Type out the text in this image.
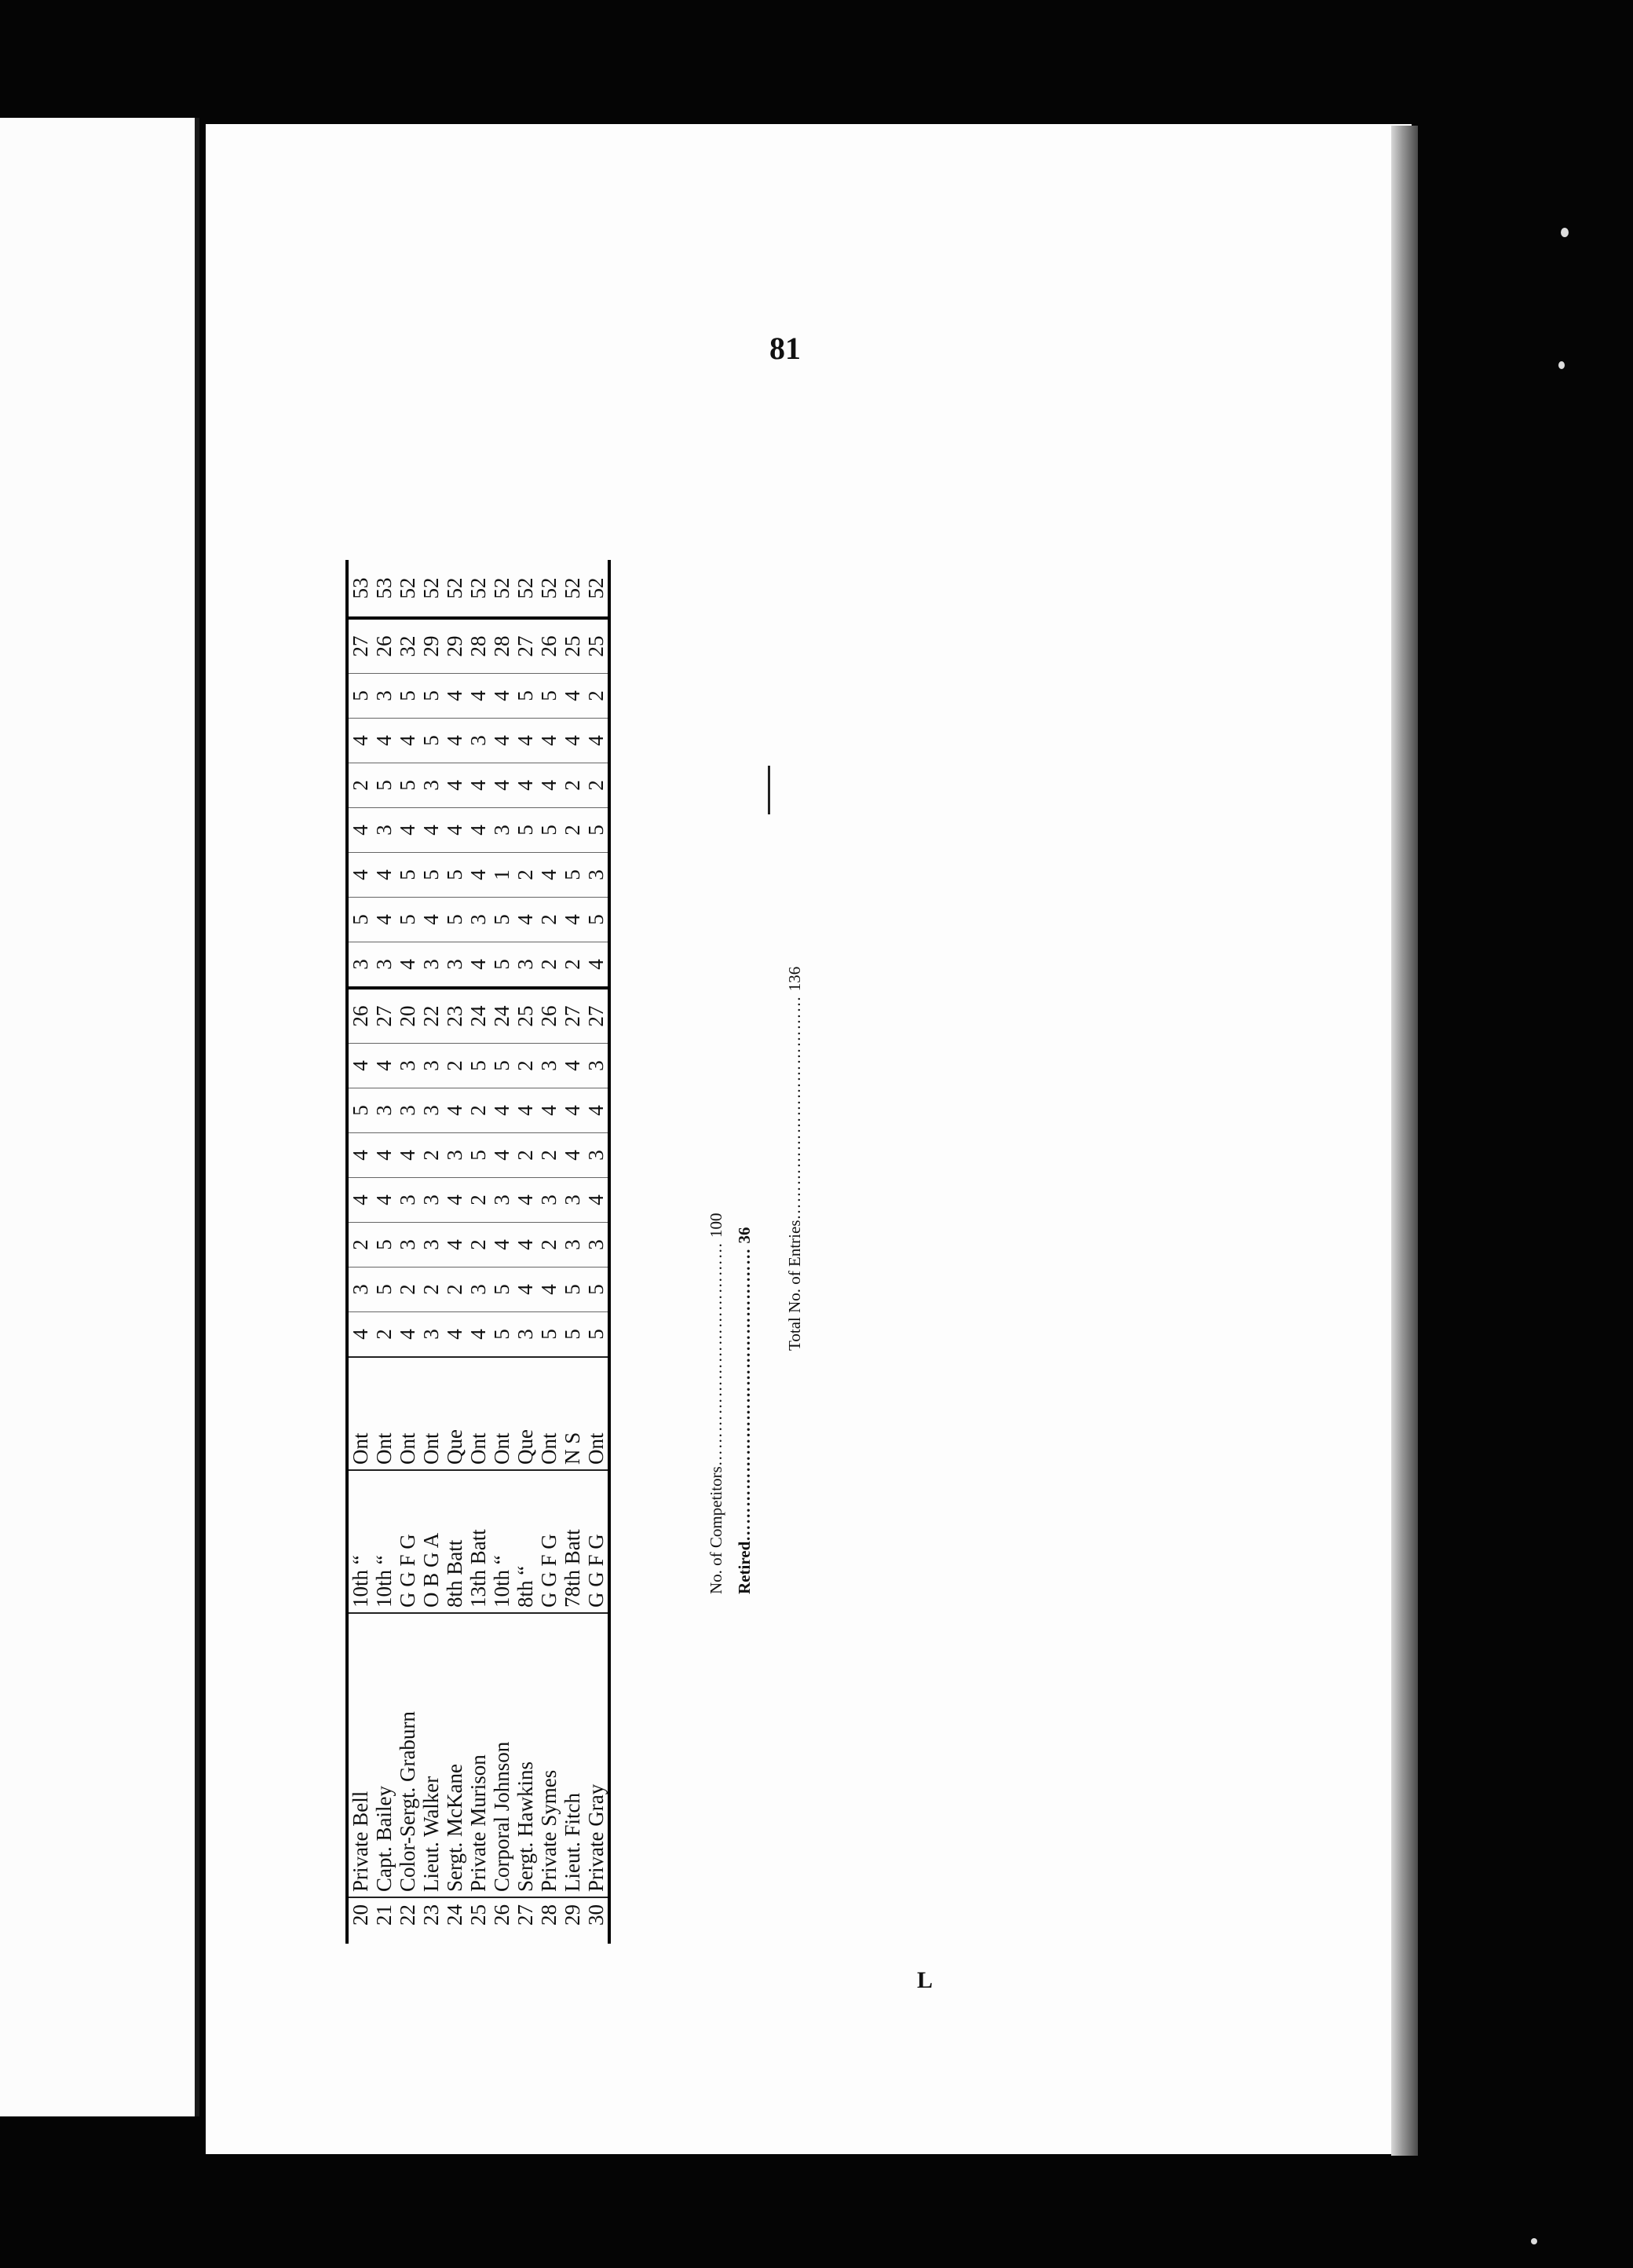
81
20	Private Bell	10th “	Ont	4	3	2	4	4	5	4	26	3	5	4	4	2	4	5	27	53
21	Capt. Bailey	10th “	Ont	2	5	5	4	4	3	4	27	3	4	4	3	5	4	3	26	53
22	Color-Sergt. Graburn	G G F G	Ont	4	2	3	3	4	3	3	20	4	5	5	4	5	4	5	32	52
23	Lieut. Walker	O B G A	Ont	3	2	3	3	2	3	3	22	3	4	5	4	3	5	5	29	52
24	Sergt. McKane	8th Batt	Que	4	2	4	4	3	4	2	23	3	5	5	4	4	4	4	29	52
25	Private Murison	13th Batt	Ont	4	3	2	2	5	2	5	24	4	3	4	4	4	3	4	28	52
26	Corporal Johnson	10th “	Ont	5	5	4	3	4	4	5	24	5	5	1	3	4	4	4	28	52
27	Sergt. Hawkins	8th “	Que	3	4	4	4	2	4	2	25	3	4	2	5	4	4	5	27	52
28	Private Symes	G G F G	Ont	5	4	2	3	2	4	3	26	2	2	4	5	4	4	5	26	52
29	Lieut. Fitch	78th Batt	N S	5	5	3	3	4	4	4	27	2	4	5	2	2	4	4	25	52
30	Private Gray	G G F G	Ont	5	5	3	4	3	4	3	27	4	5	3	5	2	4	2	25	52
No. of Competitors………………………………… 100
Retired…………………………………………… 36 Total No. of Entries………………………………… 136
L
